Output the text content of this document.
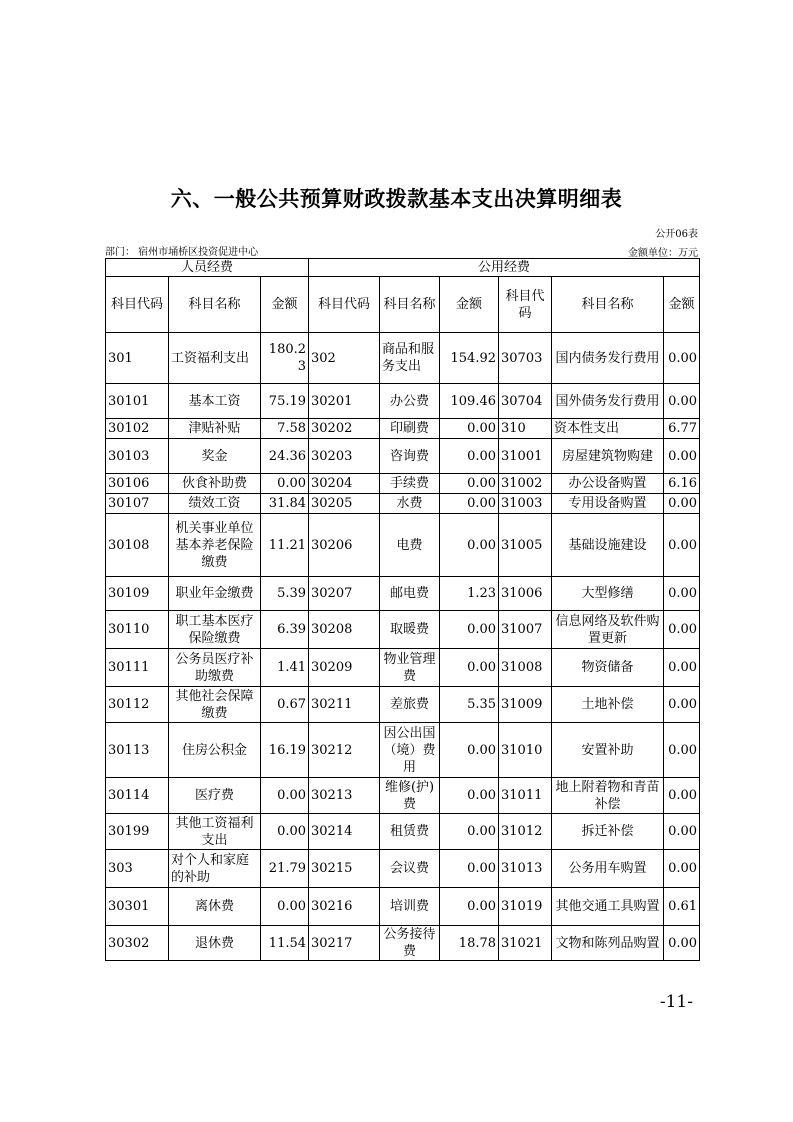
六、一般公共预算财政拨款基本支出决算明细表
公开06表
部门： 宿州市埇桥区投资促进中心	金额单位：万元
人员经费			公用经费					
科目代码	科目名称	金额	科目代码	科目名称	金额	科目代码	科目名称	金额
301	工资福利支出	180.23	302	商品和服务支出	154.92	30703	国内债务发行费用	0.00
30101	基本工资	75.19	30201	办公费	109.46	30704	国外债务发行费用	0.00
30102	津贴补贴	7.58	30202	印刷费	0.00	310	资本性支出	6.77
30103	奖金	24.36	30203	咨询费	0.00	31001	房屋建筑物购建	0.00
30106	伙食补助费	0.00	30204	手续费	0.00	31002	办公设备购置	6.16
30107	绩效工资	31.84	30205	水费	0.00	31003	专用设备购置	0.00
30108	机关事业单位基本养老保险缴费	11.21	30206	电费	0.00	31005	基础设施建设	0.00
30109	职业年金缴费	5.39	30207	邮电费	1.23	31006	大型修缮	0.00
30110	职工基本医疗保险缴费	6.39	30208	取暖费	0.00	31007	信息网络及软件购置更新	0.00
30111	公务员医疗补助缴费	1.41	30209	物业管理费	0.00	31008	物资储备	0.00
30112	其他社会保障缴费	0.67	30211	差旅费	5.35	31009	土地补偿	0.00
30113	住房公积金	16.19	30212	因公出国（境）费用	0.00	31010	安置补助	0.00
30114	医疗费	0.00	30213	维修(护)费	0.00	31011	地上附着物和青苗补偿	0.00
30199	其他工资福利支出	0.00	30214	租赁费	0.00	31012	拆迁补偿	0.00
303	对个人和家庭的补助	21.79	30215	会议费	0.00	31013	公务用车购置	0.00
30301	离休费	0.00	30216	培训费	0.00	31019	其他交通工具购置	0.61
30302	退休费	11.54	30217	公务接待费	18.78	31021	文物和陈列品购置	0.00
-11-
